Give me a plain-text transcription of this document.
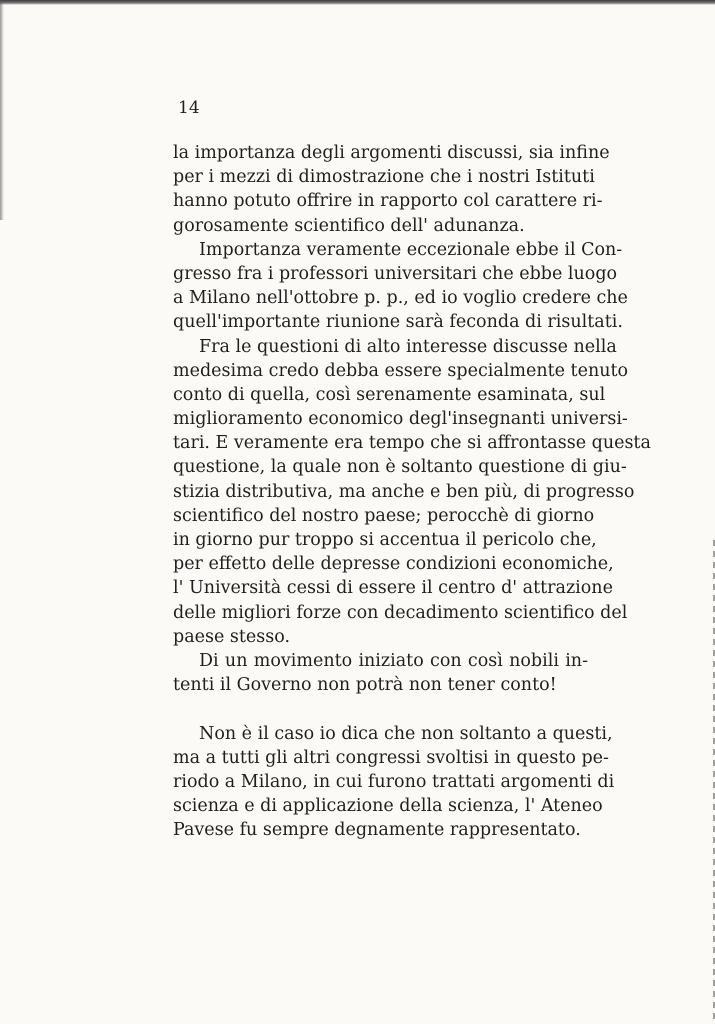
14
la importanza degli argomenti discussi, sia infine
per i mezzi di dimostrazione che i nostri Istituti
hanno potuto offrire in rapporto col carattere ri-
gorosamente scientifico dell' adunanza.
Importanza veramente eccezionale ebbe il Con-
gresso fra i professori universitari che ebbe luogo
a Milano nell'ottobre p. p., ed io voglio credere che
quell'importante riunione sarà feconda di risultati.
Fra le questioni di alto interesse discusse nella
medesima credo debba essere specialmente tenuto
conto di quella, così serenamente esaminata, sul
miglioramento economico degl'insegnanti universi-
tari. E veramente era tempo che si affrontasse questa
questione, la quale non è soltanto questione di giu-
stizia distributiva, ma anche e ben più, di progresso
scientifico del nostro paese; perocchè di giorno
in giorno pur troppo si accentua il pericolo che,
per effetto delle depresse condizioni economiche,
l' Università cessi di essere il centro d' attrazione
delle migliori forze con decadimento scientifico del
paese stesso.
Di un movimento iniziato con così nobili in-
tenti il Governo non potrà non tener conto!
Non è il caso io dica che non soltanto a questi,
ma a tutti gli altri congressi svoltisi in questo pe-
riodo a Milano, in cui furono trattati argomenti di
scienza e di applicazione della scienza, l' Ateneo
Pavese fu sempre degnamente rappresentato.
